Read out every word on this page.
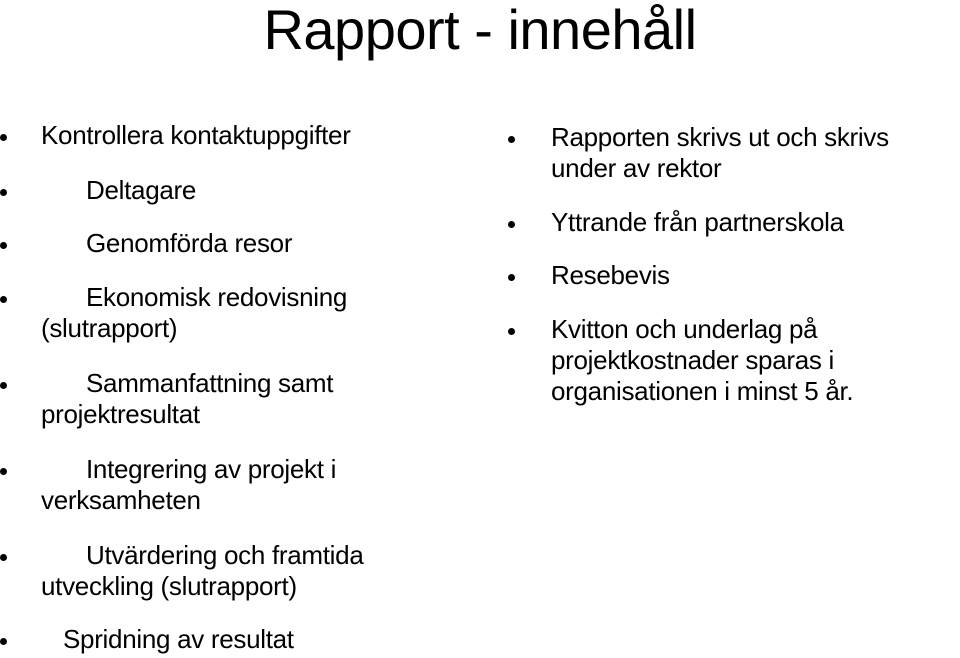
Rapport - innehåll
Kontrollera kontaktuppgifter
Deltagare
Genomförda resor
Ekonomisk redovisning
(slutrapport)
Sammanfattning samt
projektresultat
Integrering av projekt i
verksamheten
Utvärdering och framtida
utveckling (slutrapport)
Spridning av resultat
Rapporten skrivs ut och skrivs
under av rektor
Yttrande från partnerskola
Resebevis
Kvitton och underlag på
projektkostnader sparas i
organisationen i minst 5 år.
